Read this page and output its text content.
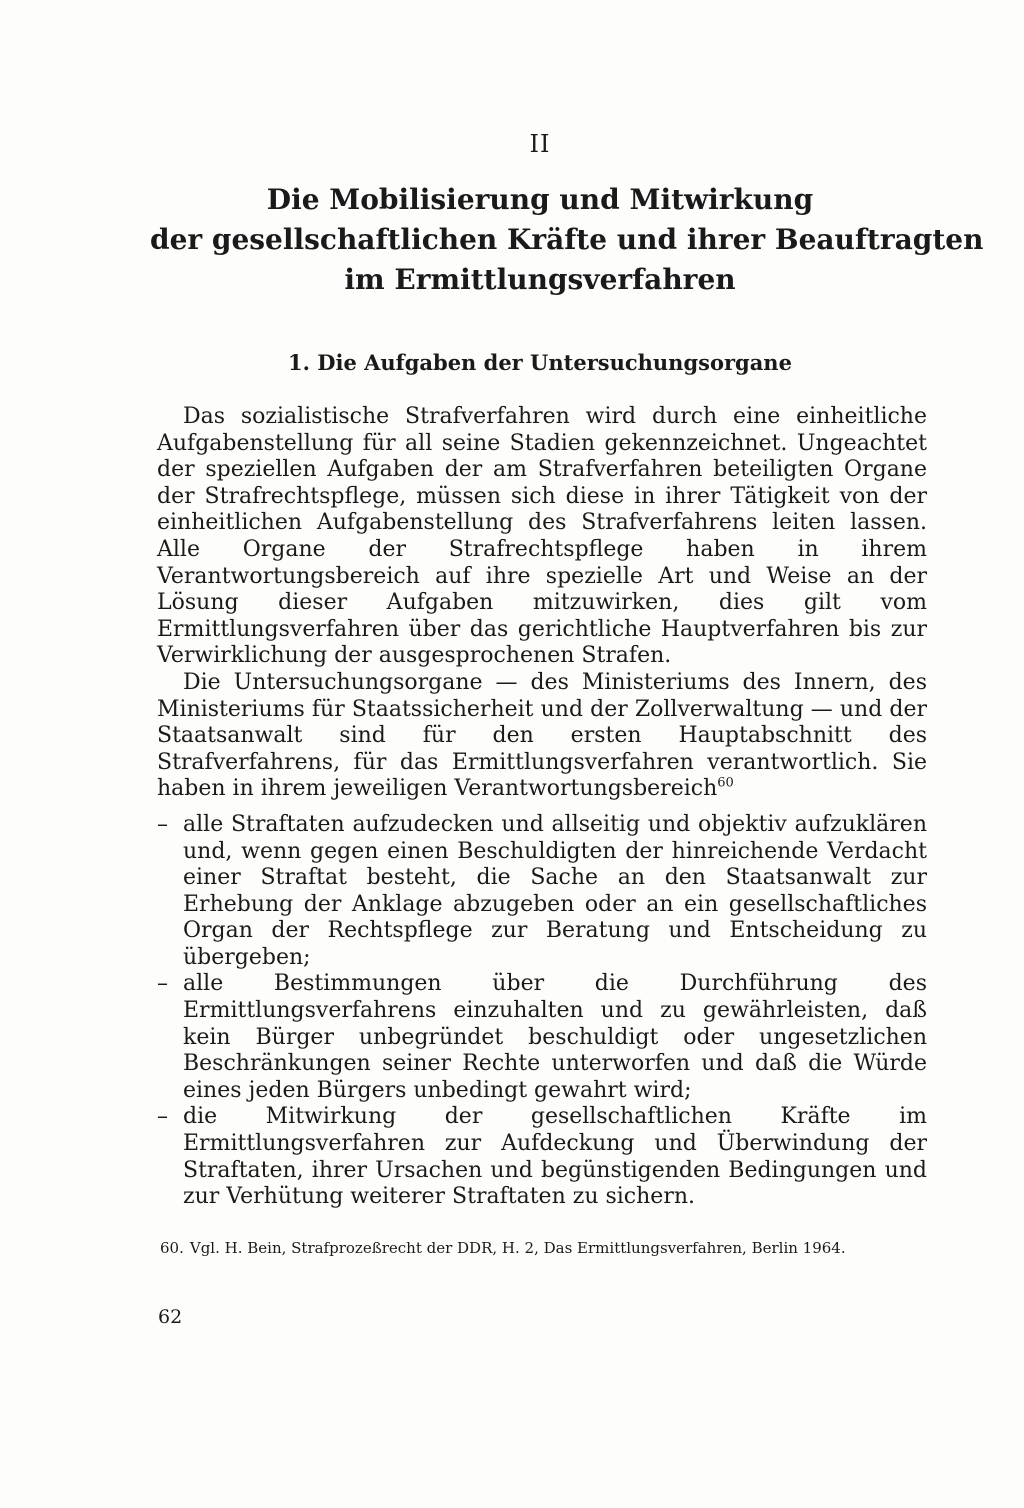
II
Die Mobilisierung und Mitwirkung
der gesellschaftlichen Kräfte und ihrer Beauftragten
im Ermittlungsverfahren
1. Die Aufgaben der Untersuchungsorgane

Das sozialistische Strafverfahren wird durch eine einheitliche Aufgabenstellung für all seine Stadien gekennzeichnet. Ungeachtet der speziellen Aufgaben der am Strafverfahren beteiligten Organe der Strafrechtspflege, müssen sich diese in ihrer Tätigkeit von der einheitlichen Aufgabenstellung des Strafverfahrens leiten lassen. Alle Organe der Strafrechtspflege haben in ihrem Verantwortungsbereich auf ihre spezielle Art und Weise an der Lösung dieser Aufgaben mitzuwirken, dies gilt vom Ermittlungsverfahren über das gerichtliche Hauptverfahren bis zur Verwirklichung der ausgesprochenen Strafen.

Die Untersuchungsorgane — des Ministeriums des Innern, des Ministeriums für Staatssicherheit und der Zollverwaltung — und der Staatsanwalt sind für den ersten Hauptabschnitt des Strafverfahrens, für das Ermittlungsverfahren verantwortlich. Sie haben in ihrem jeweiligen Verantwortungsbereich$^{60}$

– alle Straftaten aufzudecken und allseitig und objektiv aufzuklären und, wenn gegen einen Beschuldigten der hinreichende Verdacht einer Straftat besteht, die Sache an den Staatsanwalt zur Erhebung der Anklage abzugeben oder an ein gesellschaftliches Organ der Rechtspflege zur Beratung und Entscheidung zu übergeben;
– alle Bestimmungen über die Durchführung des Ermittlungsverfahrens einzuhalten und zu gewährleisten, daß kein Bürger unbegründet beschuldigt oder ungesetzlichen Beschränkungen seiner Rechte unterworfen und daß die Würde eines jeden Bürgers unbedingt gewahrt wird;
– die Mitwirkung der gesellschaftlichen Kräfte im Ermittlungsverfahren zur Aufdeckung und Überwindung der Straftaten, ihrer Ursachen und begünstigenden Bedingungen und zur Verhütung weiterer Straftaten zu sichern.
60. Vgl. H. Bein, Strafprozeßrecht der DDR, H. 2, Das Ermittlungsverfahren, Berlin 1964.
62
